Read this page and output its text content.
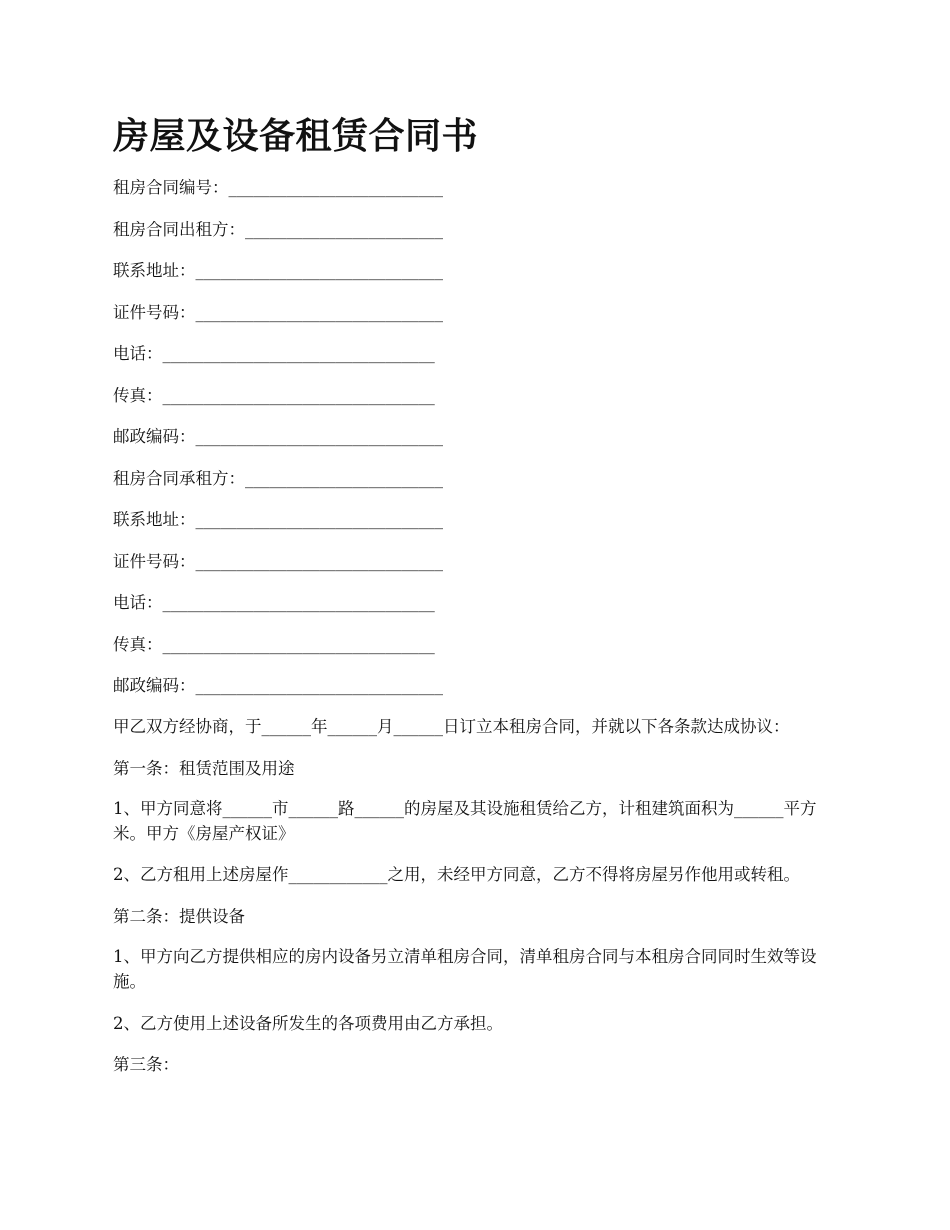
房屋及设备租赁合同书
租房合同编号：__________________________
租房合同出租方：________________________
联系地址：______________________________
证件号码：______________________________
电话：_________________________________
传真：_________________________________
邮政编码：______________________________
租房合同承租方：________________________
联系地址：______________________________
证件号码：______________________________
电话：_________________________________
传真：_________________________________
邮政编码：______________________________

甲乙双方经协商，于______年______月______日订立本租房合同，并就以下各条款达成协议：

第一条：租赁范围及用途

1、甲方同意将______市______路______的房屋及其设施租赁给乙方，计租建筑面积为______平方米。甲方《房屋产权证》

2、乙方租用上述房屋作____________之用，未经甲方同意，乙方不得将房屋另作他用或转租。

第二条：提供设备

1、甲方向乙方提供相应的房内设备另立清单租房合同，清单租房合同与本租房合同同时生效等设施。

2、乙方使用上述设备所发生的各项费用由乙方承担。

第三条：
